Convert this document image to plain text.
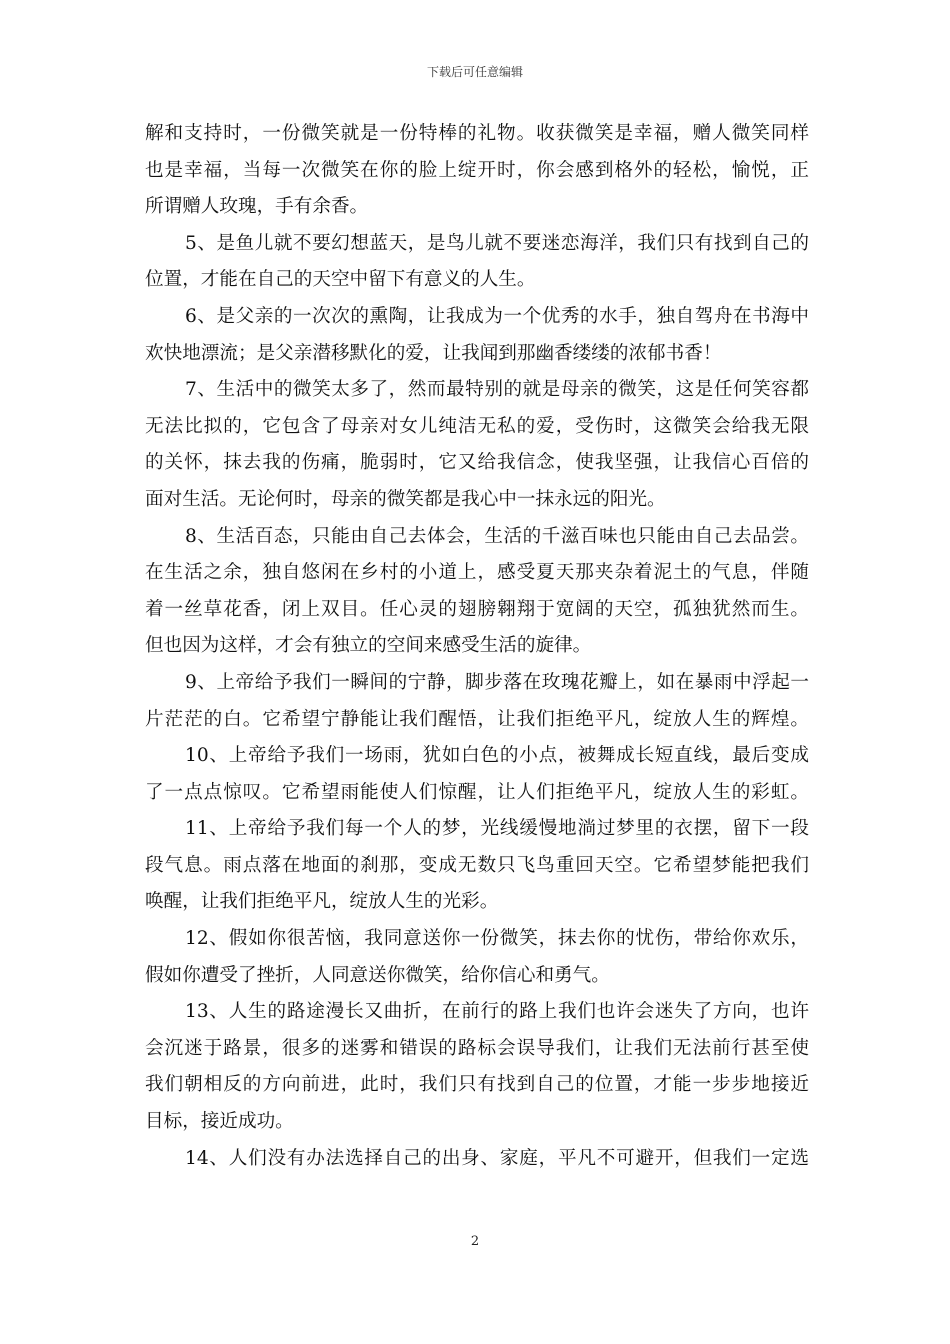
下载后可任意编辑
解和支持时，一份微笑就是一份特棒的礼物。收获微笑是幸福，赠人微笑同样
也是幸福，当每一次微笑在你的脸上绽开时，你会感到格外的轻松，愉悦，正
所谓赠人玫瑰，手有余香。
5、是鱼儿就不要幻想蓝天，是鸟儿就不要迷恋海洋，我们只有找到自己的
位置，才能在自己的天空中留下有意义的人生。
6、是父亲的一次次的熏陶，让我成为一个优秀的水手，独自驾舟在书海中
欢快地漂流；是父亲潜移默化的爱，让我闻到那幽香缕缕的浓郁书香！
7、生活中的微笑太多了，然而最特别的就是母亲的微笑，这是任何笑容都
无法比拟的，它包含了母亲对女儿纯洁无私的爱，受伤时，这微笑会给我无限
的关怀，抹去我的伤痛，脆弱时，它又给我信念，使我坚强，让我信心百倍的
面对生活。无论何时，母亲的微笑都是我心中一抹永远的阳光。
8、生活百态，只能由自己去体会，生活的千滋百味也只能由自己去品尝。
在生活之余，独自悠闲在乡村的小道上，感受夏天那夹杂着泥土的气息，伴随
着一丝草花香，闭上双目。任心灵的翅膀翱翔于宽阔的天空，孤独犹然而生。
但也因为这样，才会有独立的空间来感受生活的旋律。
9、上帝给予我们一瞬间的宁静，脚步落在玫瑰花瓣上，如在暴雨中浮起一
片茫茫的白。它希望宁静能让我们醒悟，让我们拒绝平凡，绽放人生的辉煌。
10、上帝给予我们一场雨，犹如白色的小点，被舞成长短直线，最后变成
了一点点惊叹。它希望雨能使人们惊醒，让人们拒绝平凡，绽放人生的彩虹。
11、上帝给予我们每一个人的梦，光线缓慢地淌过梦里的衣摆，留下一段
段气息。雨点落在地面的刹那，变成无数只飞鸟重回天空。它希望梦能把我们
唤醒，让我们拒绝平凡，绽放人生的光彩。
12、假如你很苦恼，我同意送你一份微笑，抹去你的忧伤，带给你欢乐，
假如你遭受了挫折，人同意送你微笑，给你信心和勇气。
13、人生的路途漫长又曲折，在前行的路上我们也许会迷失了方向，也许
会沉迷于路景，很多的迷雾和错误的路标会误导我们，让我们无法前行甚至使
我们朝相反的方向前进，此时，我们只有找到自己的位置，才能一步步地接近
目标，接近成功。
14、人们没有办法选择自己的出身、家庭，平凡不可避开，但我们一定选
2
